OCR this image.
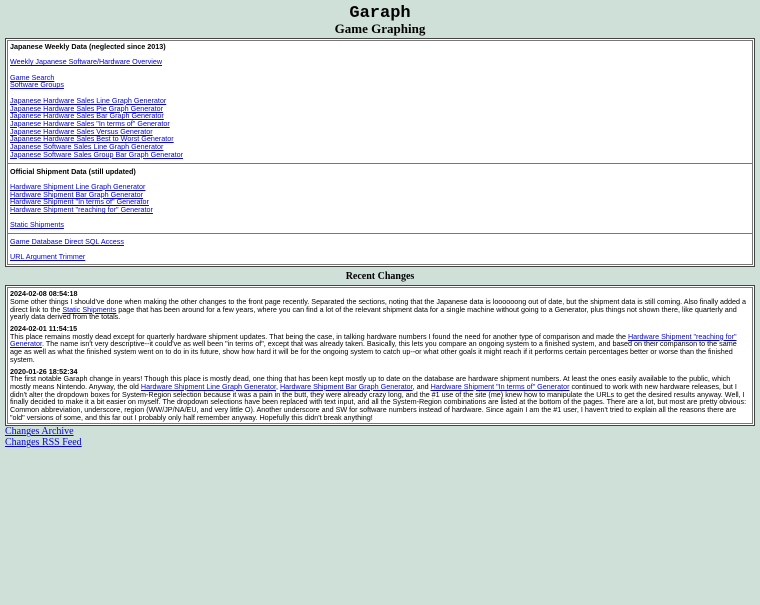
Garaph
Game Graphing
Japanese Weekly Data (neglected since 2013)
Weekly Japanese Software/Hardware Overview
Game Search
Software Groups
Japanese Hardware Sales Line Graph Generator
Japanese Hardware Sales Pie Graph Generator
Japanese Hardware Sales Bar Graph Generator
Japanese Hardware Sales "In terms of" Generator
Japanese Hardware Sales Versus Generator
Japanese Hardware Sales Best to Worst Generator
Japanese Software Sales Line Graph Generator
Japanese Software Sales Group Bar Graph Generator
Official Shipment Data (still updated)
Hardware Shipment Line Graph Generator
Hardware Shipment Bar Graph Generator
Hardware Shipment "In terms of" Generator
Hardware Shipment "reaching for" Generator
Static Shipments
Game Database Direct SQL Access
URL Argument Trimmer
Recent Changes
2024-02-08 08:54:18
Some other things I should've done when making the other changes to the front page recently. Separated the sections, noting that the Japanese data is loooooong out of date, but the shipment data is still coming. Also finally added a direct link to the Static Shipments page that has been around for a few years, where you can find a lot of the relevant shipment data for a single machine without going to a Generator, plus things not shown there, like quarterly and yearly data derived from the totals.
2024-02-01 11:54:15
This place remains mostly dead except for quarterly hardware shipment updates. That being the case, in talking hardware numbers I found the need for another type of comparison and made the Hardware Shipment "reaching for" Generator. The name isn't very descriptive--it could've as well been "in terms of", except that was already taken. Basically, this lets you compare an ongoing system to a finished system, and based on their comparison to the same age as well as what the finished system went on to do in its future, show how hard it will be for the ongoing system to catch up--or what other goals it might reach if it performs certain percentages better or worse than the finished system.
2020-01-26 18:52:34
The first notable Garaph change in years! Though this place is mostly dead, one thing that has been kept mostly up to date on the database are hardware shipment numbers. At least the ones easily available to the public, which mostly means Nintendo. Anyway, the old Hardware Shipment Line Graph Generator, Hardware Shipment Bar Graph Generator, and Hardware Shipment "In terms of" Generator continued to work with new hardware releases, but I didn't alter the dropdown boxes for System-Region selection because it was a pain in the butt, they were already crazy long, and the #1 use of the site (me) knew how to manipulate the URLs to get the desired results anyway. Well, I finally decided to make it a bit easier on myself. The dropdown selections have been replaced with text input, and all the System-Region combinations are listed at the bottom of the pages. There are a lot, but most are pretty obvious: Common abbreviation, underscore, region (WW/JP/NA/EU, and very little O). Another underscore and SW for software numbers instead of hardware. Since again I am the #1 user, I haven't tried to explain all the reasons there are "old" versions of some, and this far out I probably only half remember anyway. Hopefully this didn't break anything!
Changes Archive
Changes RSS Feed
